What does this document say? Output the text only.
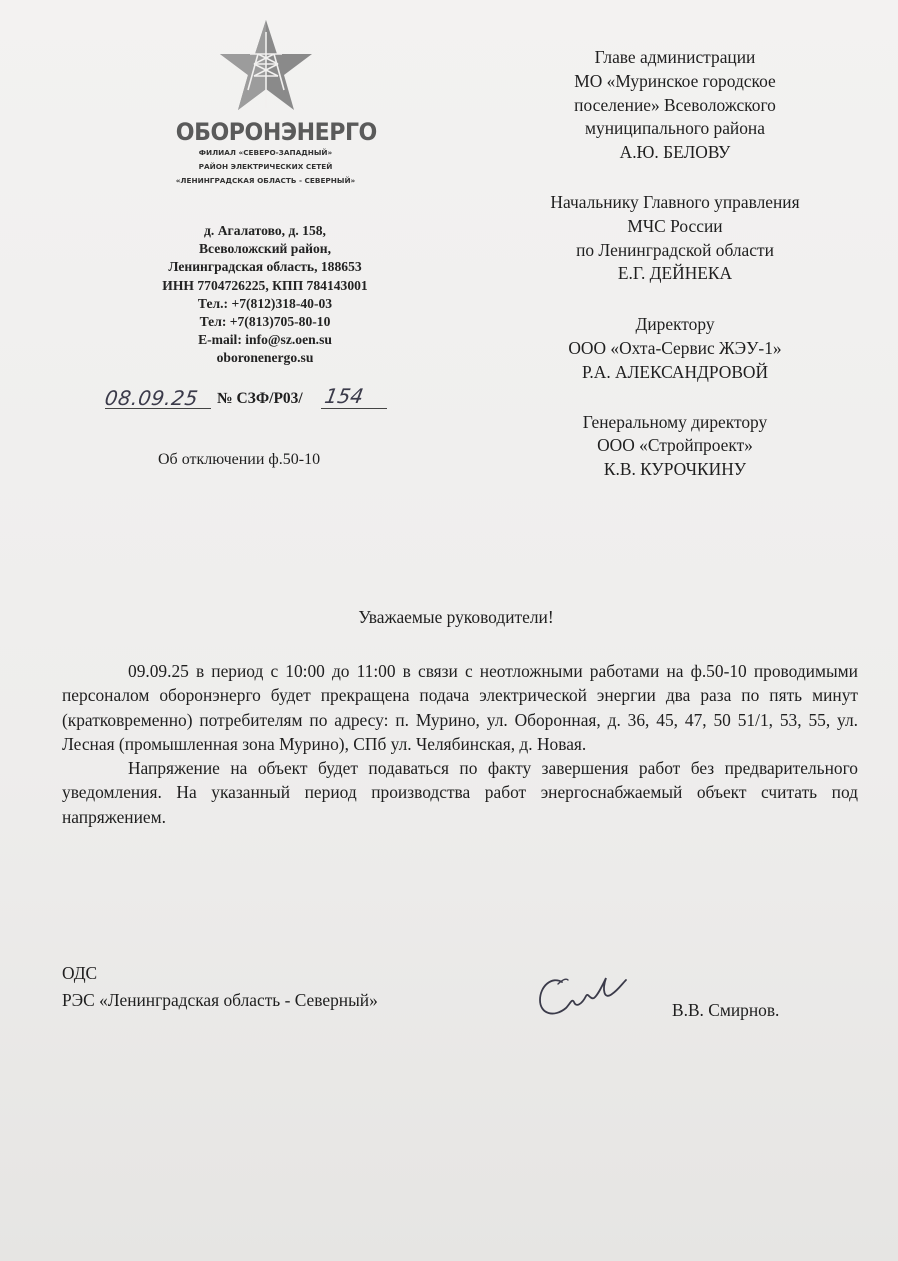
ОБОРОНЭНЕРГО
ФИЛИАЛ «СЕВЕРО-ЗАПАДНЫЙ»
РАЙОН ЭЛЕКТРИЧЕСКИХ СЕТЕЙ
«ЛЕНИНГРАДСКАЯ ОБЛАСТЬ - СЕВЕРНЫЙ»
д. Агалатово, д. 158,
Всеволожский район,
Ленинградская область, 188653
ИНН 7704726225, КПП 784143001
Тел.: +7(812)318-40-03
Тел: +7(813)705-80-10
E-mail: info@sz.oen.su
oboronenergo.su
08.09.25 № СЗФ/Р03/ 154
Об отключении ф.50-10
Главе администрации
МО «Муринское городское
поселение» Всеволожского
муниципального района
А.Ю. БЕЛОВУ
Начальнику Главного управления
МЧС России
по Ленинградской области
Е.Г. ДЕЙНЕКА
Директору
ООО «Охта-Сервис ЖЭУ-1»
Р.А. АЛЕКСАНДРОВОЙ
Генеральному директору
ООО «Стройпроект»
К.В. КУРОЧКИНУ
Уважаемые руководители!

09.09.25 в период с 10:00 до 11:00 в связи с неотложными работами на ф.50-10 проводимыми персоналом оборонэнерго будет прекращена подача электрической энергии два раза по пять минут (кратковременно) потребителям по адресу: п. Мурино, ул. Оборонная, д. 36, 45, 47, 50 51/1, 53, 55, ул. Лесная (промышленная зона Мурино), СПб ул. Челябинская, д. Новая.

Напряжение на объект будет подаваться по факту завершения работ без предварительного уведомления. На указанный период производства работ энергоснабжаемый объект считать под напряжением.

ОДС
РЭС «Ленинградская область - Северный»	В.В. Смирнов.
